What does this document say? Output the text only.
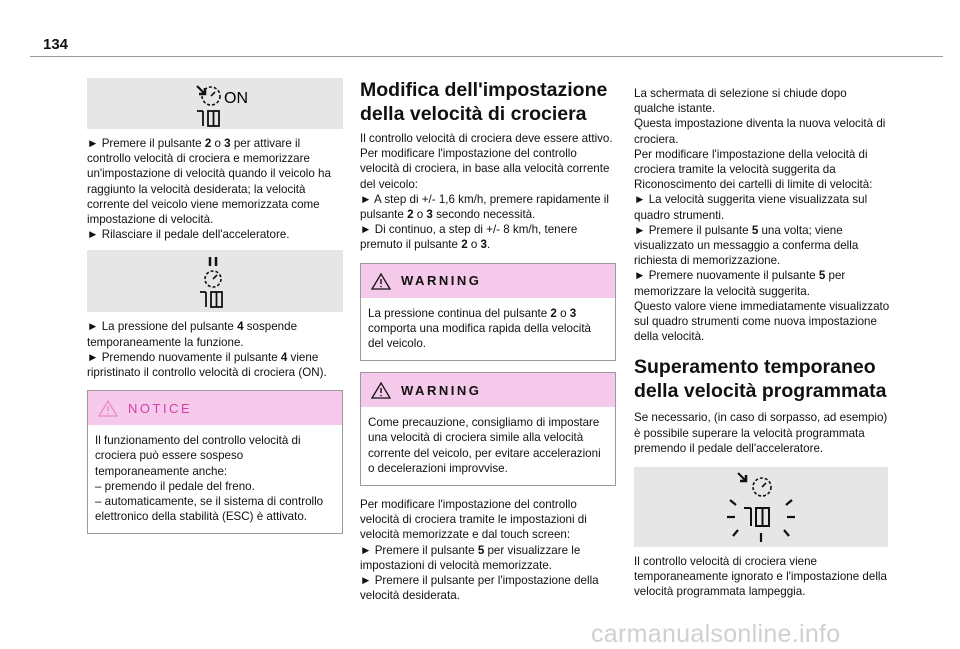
134
ON

► Premere il pulsante 2 o 3 per attivare il controllo velocità di crociera e memorizzare un'impostazione di velocità quando il veicolo ha raggiunto la velocità desiderata; la velocità corrente del veicolo viene memorizzata come impostazione di velocità.

► Rilasciare il pedale dell'acceleratore.

► La pressione del pulsante 4 sospende temporaneamente la funzione.

► Premendo nuovamente il pulsante 4 viene ripristinato il controllo velocità di crociera (ON).

NOTICE

Il funzionamento del controllo velocità di crociera può essere sospeso temporaneamente anche:

– premendo il pedale del freno.

– automaticamente, se il sistema di controllo elettronico della stabilità (ESC) è attivato.

Modifica dell'impostazione della velocità di crociera

Il controllo velocità di crociera deve essere attivo.

Per modificare l'impostazione del controllo velocità di crociera, in base alla velocità corrente del veicolo:

► A step di +/- 1,6 km/h, premere rapidamente il pulsante 2 o 3 secondo necessità.

► Di continuo, a step di +/- 8 km/h, tenere premuto il pulsante 2 o 3.

WARNING

La pressione continua del pulsante 2 o 3 comporta una modifica rapida della velocità del veicolo.

WARNING

Come precauzione, consigliamo di impostare una velocità di crociera simile alla velocità corrente del veicolo, per evitare accelerazioni o decelerazioni improvvise.

Per modificare l'impostazione del controllo velocità di crociera tramite le impostazioni di velocità memorizzate e dal touch screen:

► Premere il pulsante 5 per visualizzare le impostazioni di velocità memorizzate.

► Premere il pulsante per l'impostazione della velocità desiderata.

La schermata di selezione si chiude dopo qualche istante.

Questa impostazione diventa la nuova velocità di crociera.

Per modificare l'impostazione della velocità di crociera tramite la velocità suggerita da Riconoscimento dei cartelli di limite di velocità:

► La velocità suggerita viene visualizzata sul quadro strumenti.

► Premere il pulsante 5 una volta; viene visualizzato un messaggio a conferma della richiesta di memorizzazione.

► Premere nuovamente il pulsante 5 per memorizzare la velocità suggerita.

Questo valore viene immediatamente visualizzato sul quadro strumenti come nuova impostazione della velocità.

Superamento temporaneo della velocità programmata

Se necessario, (in caso di sorpasso, ad esempio) è possibile superare la velocità programmata premendo il pedale dell'acceleratore.

Il controllo velocità di crociera viene temporaneamente ignorato e l'impostazione della velocità programmata lampeggia.

carmanualsonline.info
